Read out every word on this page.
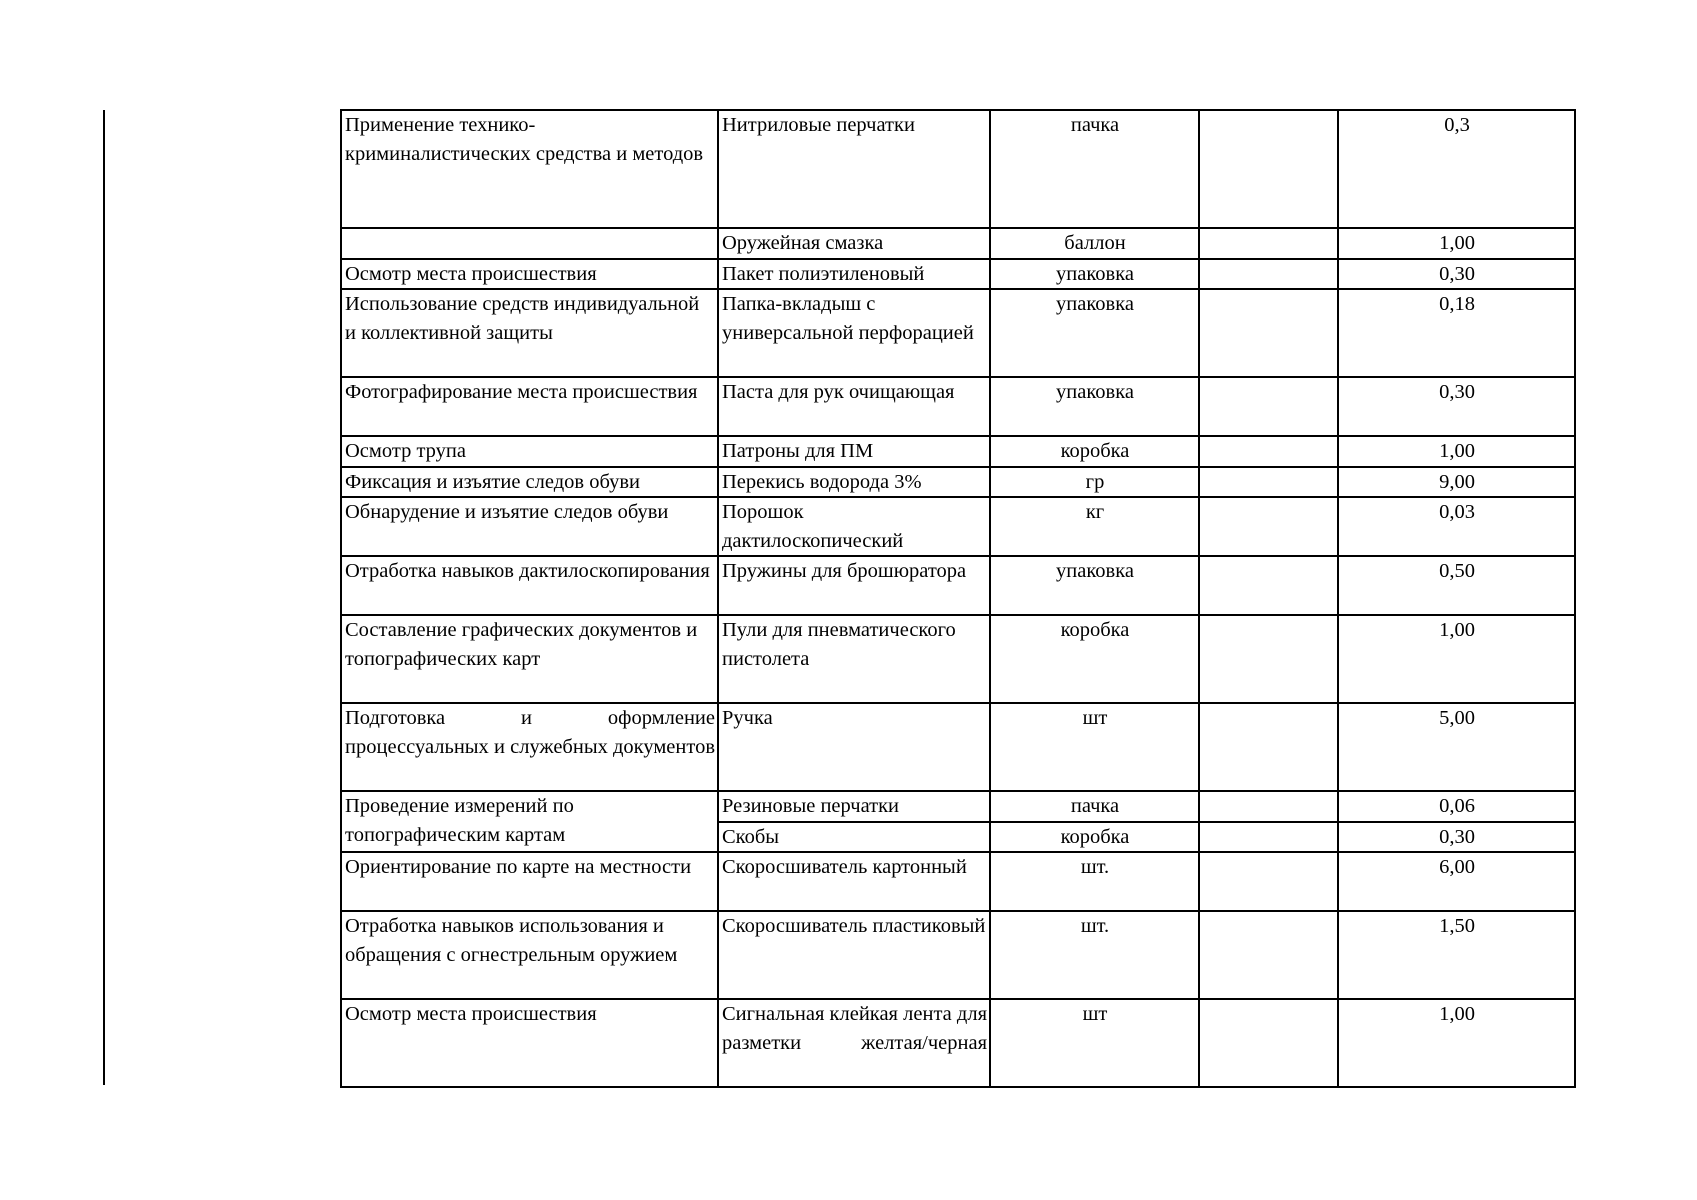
Применение технико-криминалистических средства и методов	Нитриловые перчатки	пачка		0,3
	Оружейная смазка	баллон		1,00
Осмотр места происшествия	Пакет полиэтиленовый	упаковка		0,30
Использование средств индивидуальной и коллективной защиты	Папка-вкладыш с универсальной перфорацией	упаковка		0,18
Фотографирование места происшествия	Паста для рук очищающая	упаковка		0,30
Осмотр трупа	Патроны для ПМ	коробка		1,00
Фиксация и изъятие следов обуви	Перекись водорода 3%	гр		9,00
Обнарудение и изъятие следов обуви	Порошок дактилоскопический	кг		0,03
Отработка навыков дактилоскопирования	Пружины для брошюратора	упаковка		0,50
Составление графических документов и топографических карт	Пули для пневматического пистолета	коробка		1,00
Подготовка и оформление процессуальных и служебных документов	Ручка	шт		5,00
Проведение измерений по топографическим картам	Резиновые перчатки	пачка		0,06
	Скобы	коробка		0,30
Ориентирование по карте на местности	Скоросшиватель картонный	шт.		6,00
Отработка навыков использования и обращения с огнестрельным оружием	Скоросшиватель пластиковый	шт.		1,50
Осмотр места происшествия	Сигнальная клейкая лента для разметки желтая/черная	шт		1,00
